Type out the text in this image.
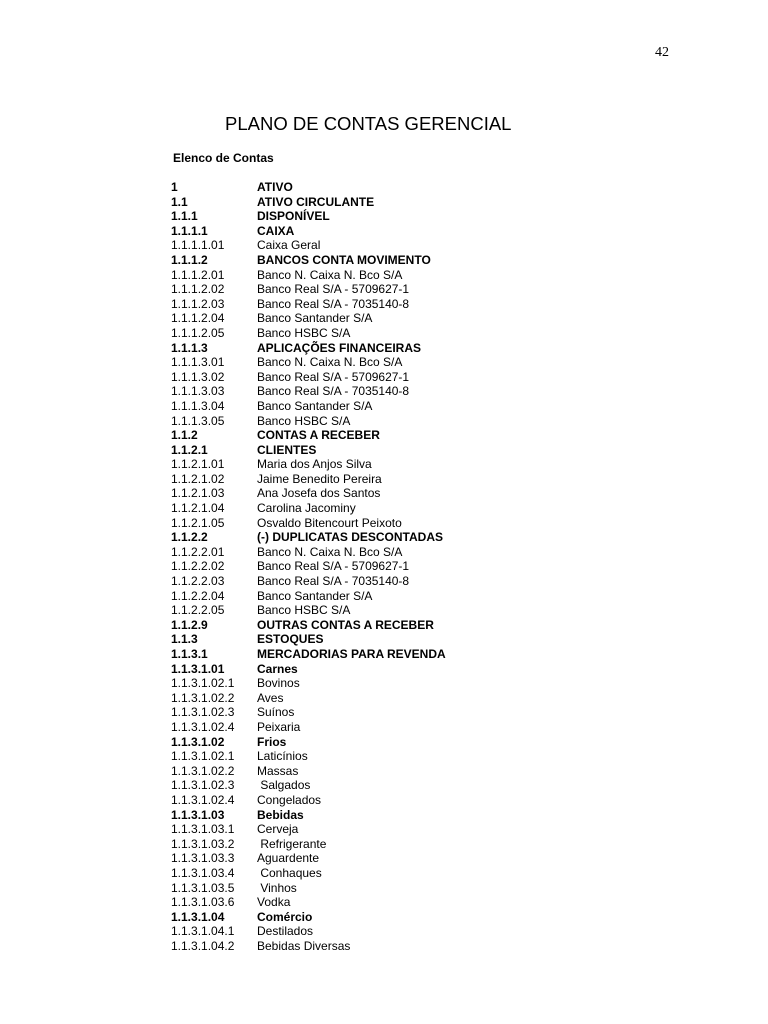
42
PLANO DE CONTAS GERENCIAL
Elenco de Contas
1	ATIVO
1.1	ATIVO CIRCULANTE
1.1.1	DISPONÍVEL
1.1.1.1	CAIXA
1.1.1.1.01	Caixa Geral
1.1.1.2	BANCOS CONTA MOVIMENTO
1.1.1.2.01	Banco N. Caixa N. Bco S/A
1.1.1.2.02	Banco Real S/A - 5709627-1
1.1.1.2.03	Banco Real S/A - 7035140-8
1.1.1.2.04	Banco Santander S/A
1.1.1.2.05	Banco HSBC S/A
1.1.1.3	APLICAÇÕES FINANCEIRAS
1.1.1.3.01	Banco N. Caixa N. Bco S/A
1.1.1.3.02	Banco Real S/A - 5709627-1
1.1.1.3.03	Banco Real S/A - 7035140-8
1.1.1.3.04	Banco Santander S/A
1.1.1.3.05	Banco HSBC S/A
1.1.2	CONTAS A RECEBER
1.1.2.1	CLIENTES
1.1.2.1.01	Maria dos Anjos Silva
1.1.2.1.02	Jaime Benedito Pereira
1.1.2.1.03	Ana Josefa dos Santos
1.1.2.1.04	Carolina Jacominy
1.1.2.1.05	Osvaldo Bitencourt Peixoto
1.1.2.2	(-) DUPLICATAS DESCONTADAS
1.1.2.2.01	Banco N. Caixa N. Bco S/A
1.1.2.2.02	Banco Real S/A - 5709627-1
1.1.2.2.03	Banco Real S/A - 7035140-8
1.1.2.2.04	Banco Santander S/A
1.1.2.2.05	Banco HSBC S/A
1.1.2.9	OUTRAS CONTAS A RECEBER
1.1.3	ESTOQUES
1.1.3.1	MERCADORIAS PARA REVENDA
1.1.3.1.01	Carnes
1.1.3.1.02.1	Bovinos
1.1.3.1.02.2	Aves
1.1.3.1.02.3	Suínos
1.1.3.1.02.4	Peixaria
1.1.3.1.02	Frios
1.1.3.1.02.1	Laticínios
1.1.3.1.02.2	Massas
1.1.3.1.02.3	Salgados
1.1.3.1.02.4	Congelados
1.1.3.1.03	Bebidas
1.1.3.1.03.1	Cerveja
1.1.3.1.03.2	Refrigerante
1.1.3.1.03.3	Aguardente
1.1.3.1.03.4	Conhaques
1.1.3.1.03.5	Vinhos
1.1.3.1.03.6	Vodka
1.1.3.1.04	Comércio
1.1.3.1.04.1	Destilados
1.1.3.1.04.2	Bebidas Diversas
